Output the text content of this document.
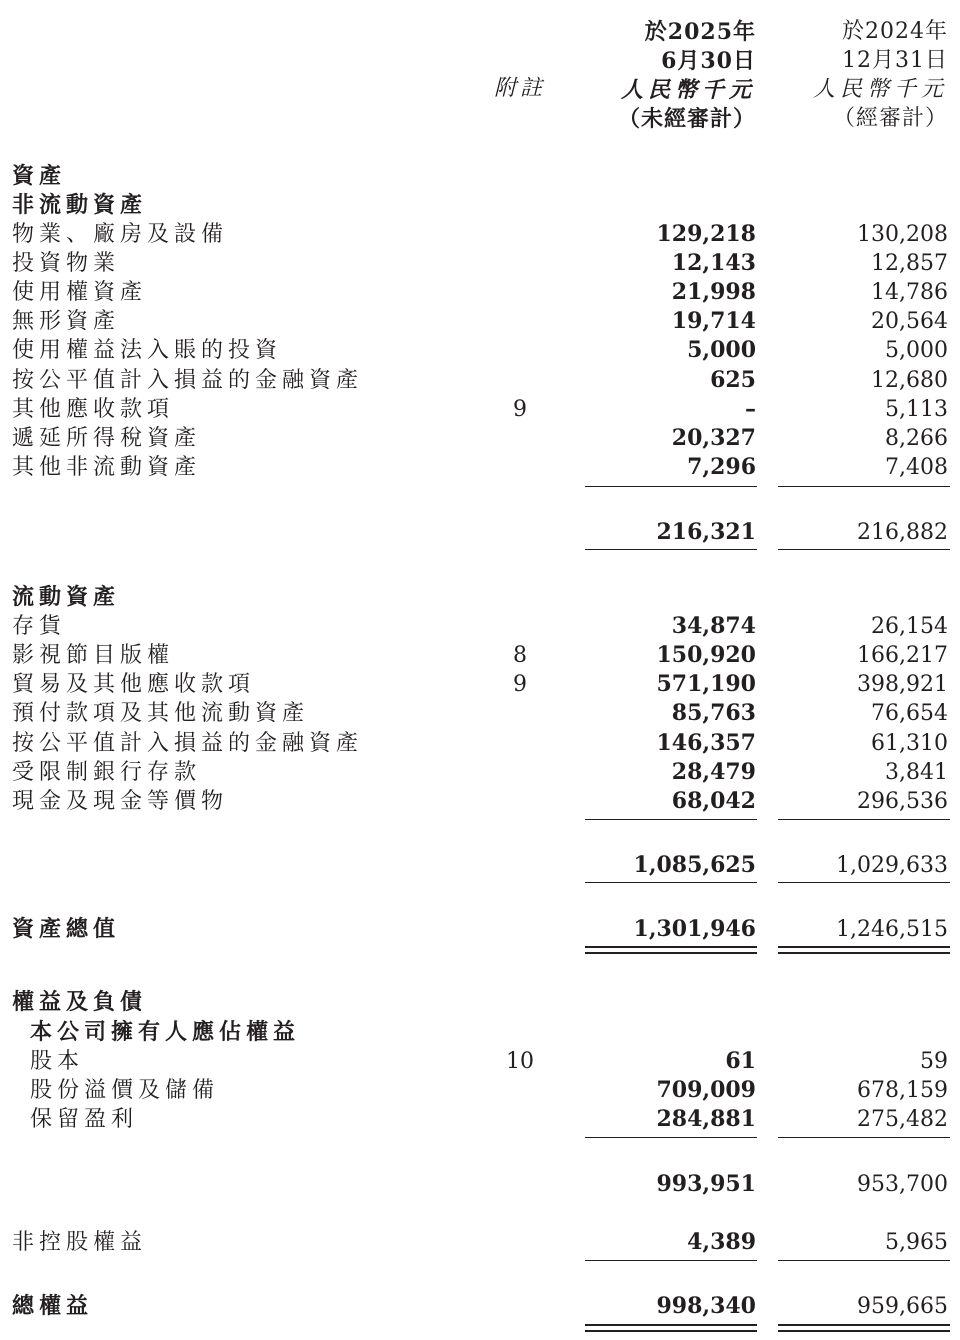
附註
於2025年
6月30日
人民幣千元
（未經審計）
於2024年
12月31日
人民幣千元
（經審計）
資產
非流動資產
物業、廠房及設備	129,218	130,208
投資物業	12,143	12,857
使用權資產	21,998	14,786
無形資產	19,714	20,564
使用權益法入賬的投資	5,000	5,000
按公平值計入損益的金融資產	625	12,680
其他應收款項	9	–	5,113
遞延所得稅資產	20,327	8,266
其他非流動資產	7,296	7,408
216,321	216,882
流動資產
存貨	34,874	26,154
影視節目版權	8	150,920	166,217
貿易及其他應收款項	9	571,190	398,921
預付款項及其他流動資產	85,763	76,654
按公平值計入損益的金融資產	146,357	61,310
受限制銀行存款	28,479	3,841
現金及現金等價物	68,042	296,536
1,085,625	1,029,633
資產總值	1,301,946	1,246,515
權益及負債
本公司擁有人應佔權益
股本	10	61	59
股份溢價及儲備	709,009	678,159
保留盈利	284,881	275,482
993,951	953,700
非控股權益	4,389	5,965
總權益	998,340	959,665
